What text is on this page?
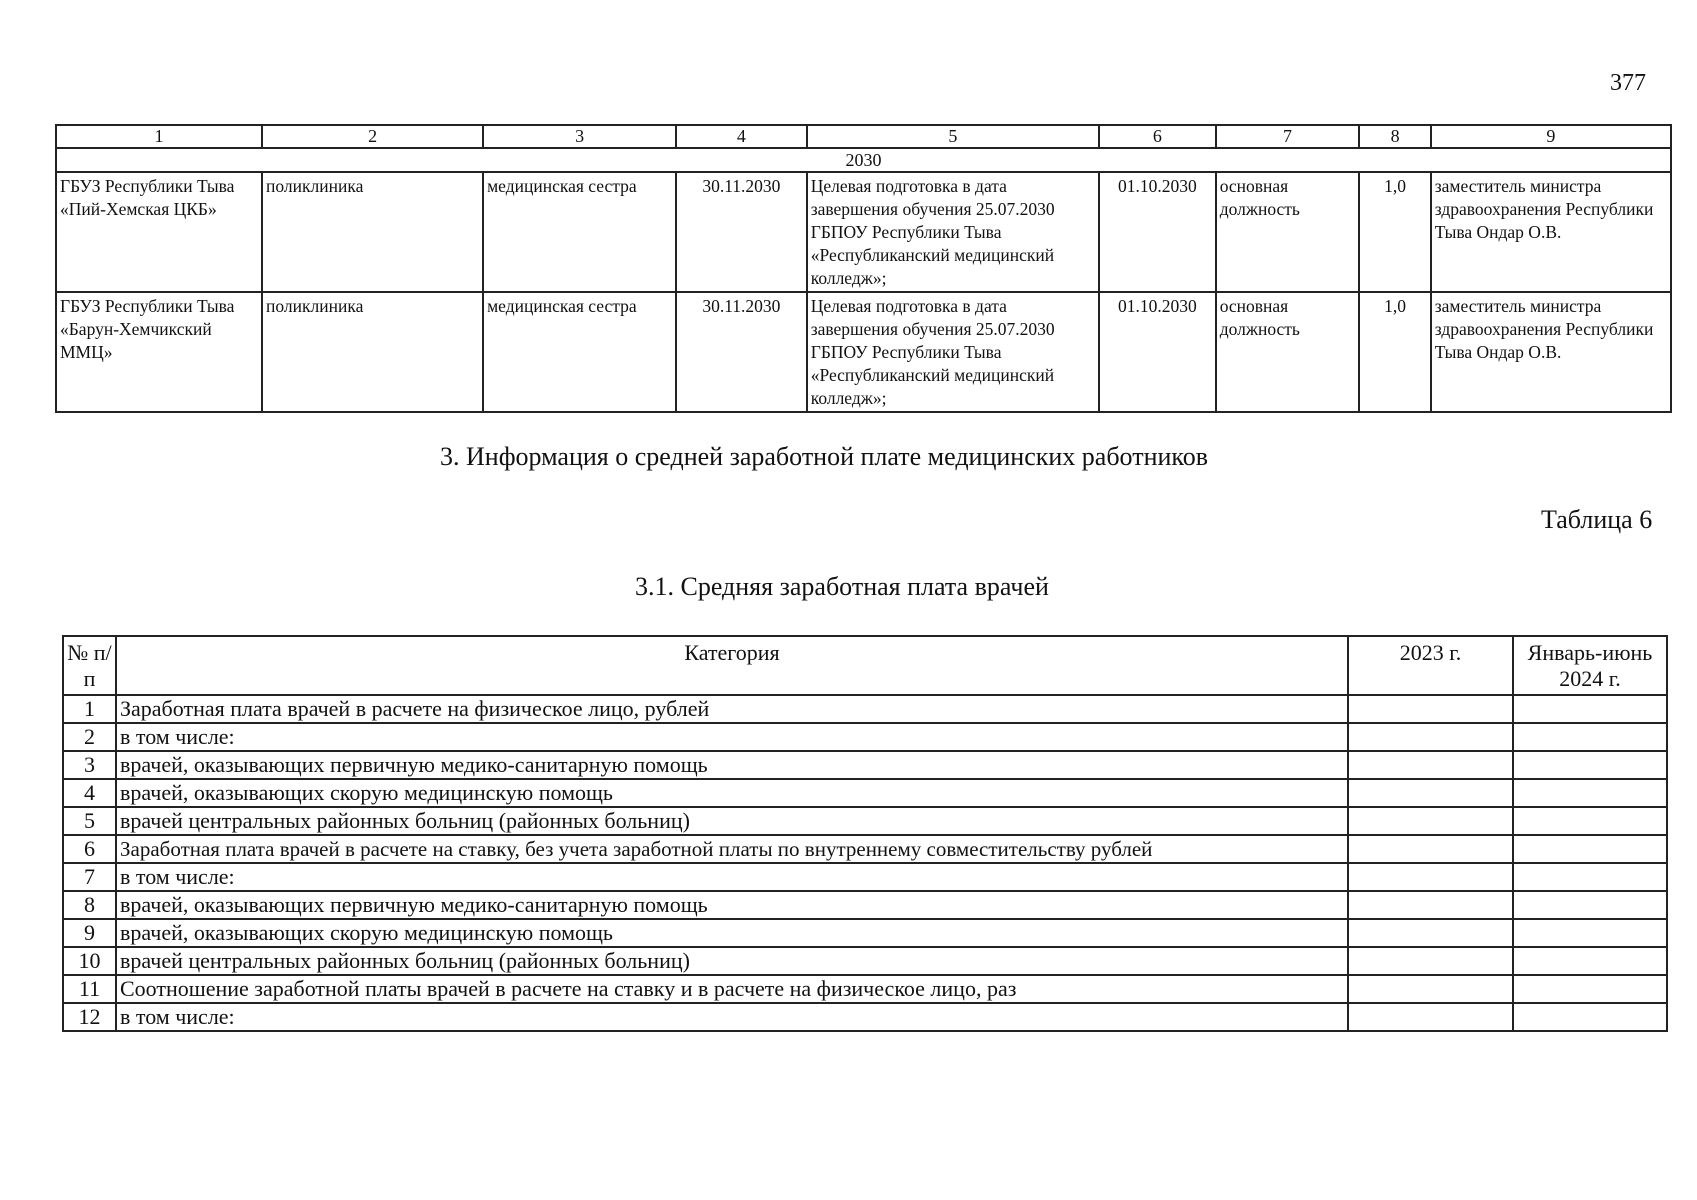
377
1	2	3	4	5	6	7	8	9
2030								
ГБУЗ Республики Тыва «Пий-Хемская ЦКБ»	поликлиника	медицинская сестра	30.11.2030	Целевая подготовка в дата завершения обучения 25.07.2030 ГБПОУ Республики Тыва «Республиканский медицинский колледж»;	01.10.2030	основная должность	1,0	заместитель министра здравоохранения Республики Тыва Ондар О.В.
ГБУЗ Республики Тыва «Барун-Хемчикский ММЦ»	поликлиника	медицинская сестра	30.11.2030	Целевая подготовка в дата завершения обучения 25.07.2030 ГБПОУ Республики Тыва «Республиканский медицинский колледж»;	01.10.2030	основная должность	1,0	заместитель министра здравоохранения Республики Тыва Ондар О.В.
3. Информация о средней заработной плате медицинских работников
Таблица 6
3.1. Средняя заработная плата врачей
№ п/п	Категория	2023 г.	Январь-июнь 2024 г.
1	Заработная плата врачей в расчете на физическое лицо, рублей		
2	в том числе:		
3	врачей, оказывающих первичную медико-санитарную помощь		
4	врачей, оказывающих скорую медицинскую помощь		
5	врачей центральных районных больниц (районных больниц)		
6	Заработная плата врачей в расчете на ставку, без учета заработной платы по внутреннему совместительству рублей		
7	в том числе:		
8	врачей, оказывающих первичную медико-санитарную помощь		
9	врачей, оказывающих скорую медицинскую помощь		
10	врачей центральных районных больниц (районных больниц)		
11	Соотношение заработной платы врачей в расчете на ставку и в расчете на физическое лицо, раз		
12	в том числе:		
